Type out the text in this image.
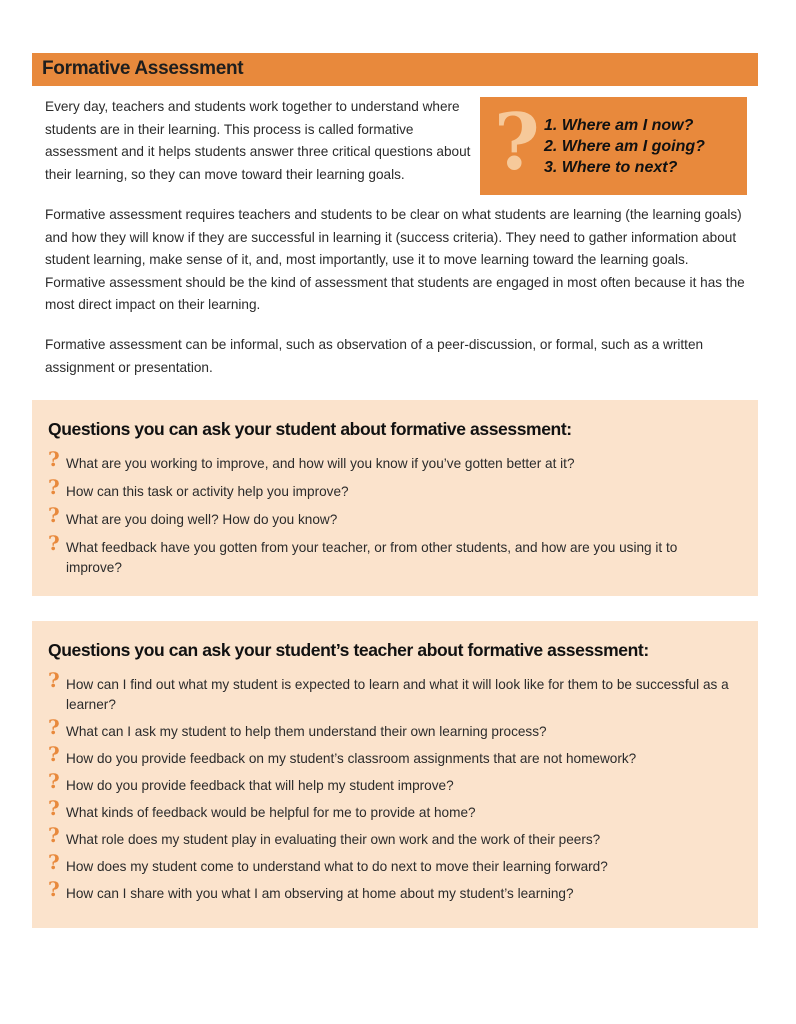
Formative Assessment

Every day, teachers and students work together to understand where students are in their learning. This process is called formative assessment and it helps students answer three critical questions about their learning, so they can move toward their learning goals.	? 1. Where am I now?
2. Where am I going?
3. Where to next?

Formative assessment requires teachers and students to be clear on what students are learning (the learning goals) and how they will know if they are successful in learning it (success criteria). They need to gather information about student learning, make sense of it, and, most importantly, use it to move learning toward the learning goals. Formative assessment should be the kind of assessment that students are engaged in most often because it has the most direct impact on their learning.

Formative assessment can be informal, such as observation of a peer-discussion, or formal, such as a written assignment or presentation.

Questions you can ask your student about formative assessment:
? What are you working to improve, and how will you know if you’ve gotten better at it?
? How can this task or activity help you improve?
? What are you doing well? How do you know?
? What feedback have you gotten from your teacher, or from other students, and how are you using it to improve?
Questions you can ask your student’s teacher about formative assessment:
? How can I find out what my student is expected to learn and what it will look like for them to be successful as a learner?
? What can I ask my student to help them understand their own learning process?
? How do you provide feedback on my student’s classroom assignments that are not homework?
? How do you provide feedback that will help my student improve?
? What kinds of feedback would be helpful for me to provide at home?
? What role does my student play in evaluating their own work and the work of their peers?
? How does my student come to understand what to do next to move their learning forward?
? How can I share with you what I am observing at home about my student’s learning?
